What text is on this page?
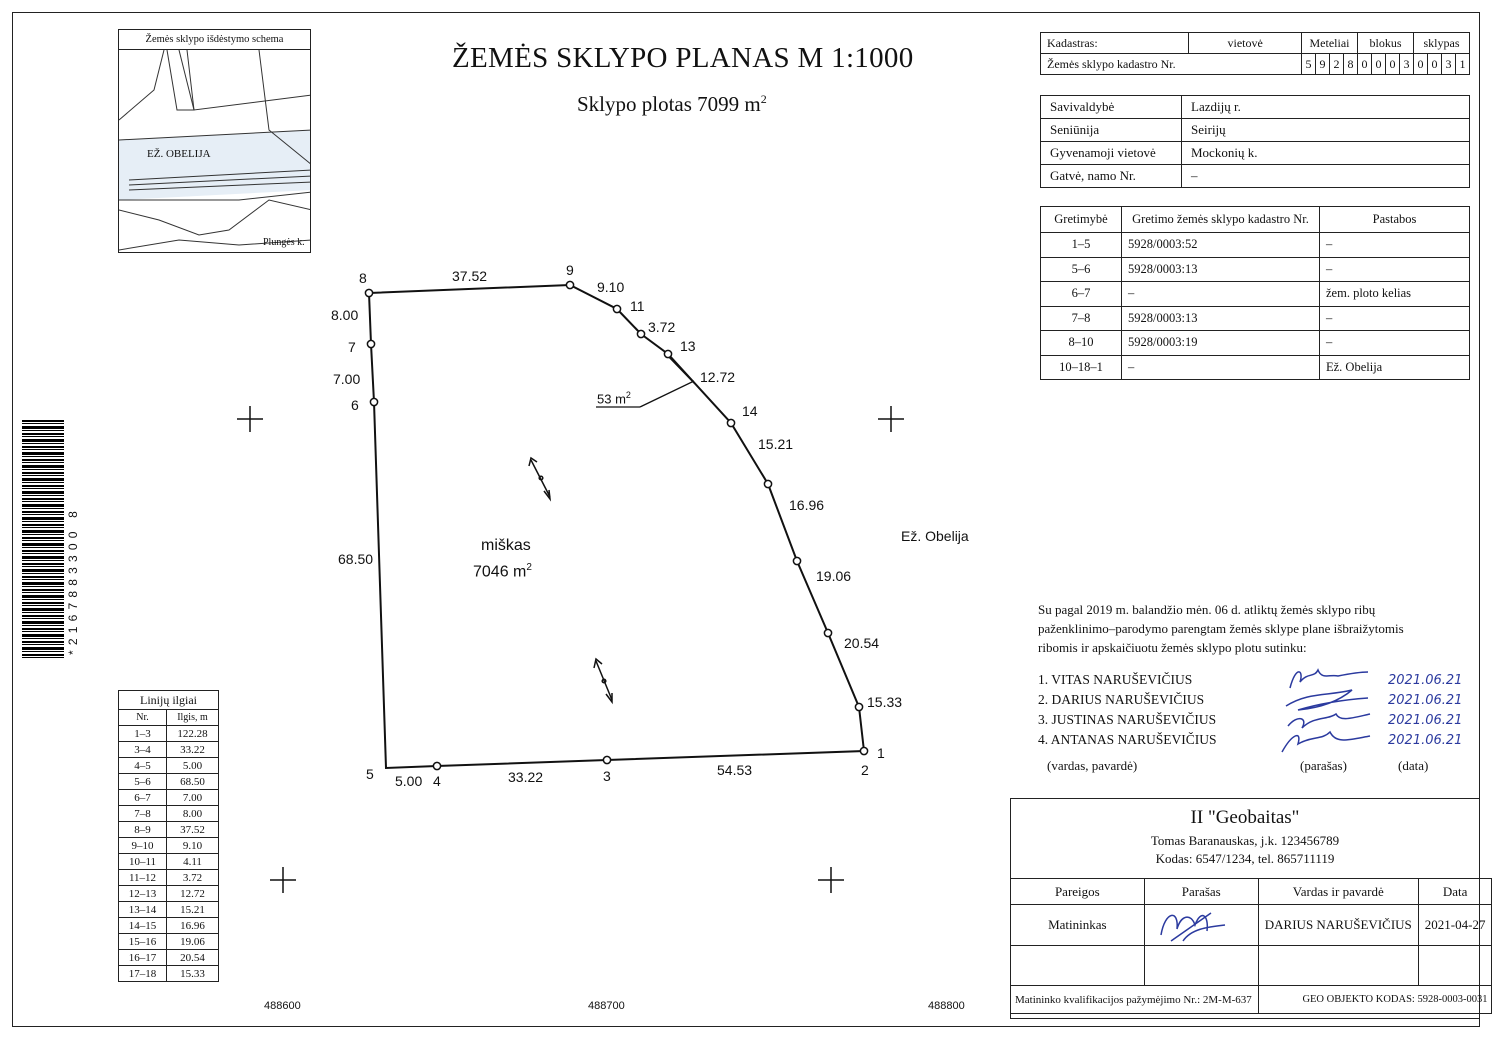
ŽEMĖS SKLYPO PLANAS M 1:1000
Sklypo plotas 7099 $m^2$
Žemės sklypo išdėstymo schema
EŽ. OBELIJA
Plungės k.
Kadastras:	vietovė	Meteliai				blokus				sklypas			
Žemės sklypo kadastro Nr.		5	9	2	8	0	0	0	3	0	0	3	1
Savivaldybė	Lazdijų r.
Seniūnija	Seirijų
Gyvenamoji vietovė	Mockonių k.
Gatvė, namo Nr.	–
Gretimybė	Gretimo žemės sklypo kadastro Nr.	Pastabos
1–5	5928/0003:52	–
5–6	5928/0003:13	–
6–7	–	žem. ploto kelias
7–8	5928/0003:13	–
8–10	5928/0003:19	–
10–18–1	–	Ež. Obelija
*2167883300 8
8	9
11
13
14
7
6
5	4	3	2
1
37.52
9.10
3.72
12.72
15.21
16.96
19.06
20.54
15.33
54.53
33.22
5.00
68.50
7.00
8.00
miškas
7046 $m^2$
53 $m^2$
Ež. Obelija
488600	488700	488800
Linijų ilgiai	
Nr.	Ilgis, m
1–3	122.28
3–4	33.22
4–5	5.00
5–6	68.50
6–7	7.00
7–8	8.00
8–9	37.52
9–10	9.10
10–11	4.11
11–12	3.72
12–13	12.72
13–14	15.21
14–15	16.96
15–16	19.06
16–17	20.54
17–18	15.33
Su pagal 2019 m. balandžio mėn. 06 d. atliktų žemės sklypo ribų
paženklinimo–parodymo parengtam žemės sklype plane išbraižytomis
ribomis ir apskaičiuotu žemės sklypo plotu sutinku:
1. VITAS NARUŠEVIČIUS
2. DARIUS NARUŠEVIČIUS
3. JUSTINAS NARUŠEVIČIUS
4. ANTANAS NARUŠEVIČIUS
2021.06.21
2021.06.21
2021.06.21
2021.06.21
(vardas, pavardė)	(parašas)	(data)
II "Geobaitas"
Tomas Baranauskas, j.k. 123456789
Kodas: 6547/1234, tel. 865711119
Pareigos	Parašas	Vardas ir pavardė	Data
Matininkas		DARIUS NARUŠEVIČIUS	2021-04-27

Matininko kvalifikacijos pažymėjimo Nr.: 2M-M-637		GEO OBJEKTO KODAS: 5928-0003-0031	
